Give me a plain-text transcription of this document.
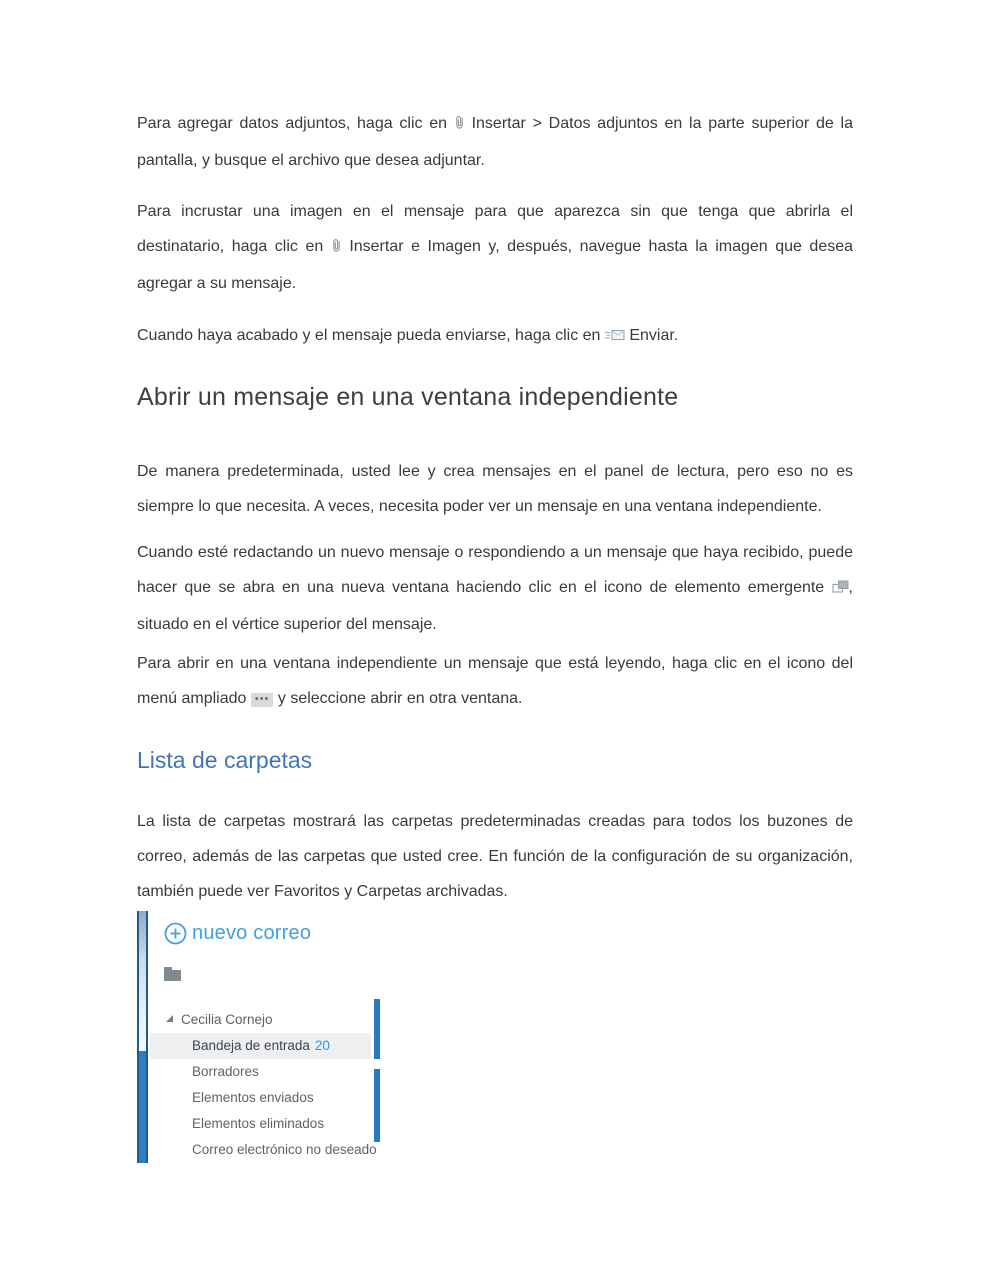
Para agregar datos adjuntos, haga clic en Insertar > Datos adjuntos en la parte superior de la pantalla, y busque el archivo que desea adjuntar.

Para incrustar una imagen en el mensaje para que aparezca sin que tenga que abrirla el destinatario, haga clic en Insertar e Imagen y, después, navegue hasta la imagen que desea agregar a su mensaje.

Cuando haya acabado y el mensaje pueda enviarse, haga clic en Enviar.

Abrir un mensaje en una ventana independiente

De manera predeterminada, usted lee y crea mensajes en el panel de lectura, pero eso no es siempre lo que necesita. A veces, necesita poder ver un mensaje en una ventana independiente.

Cuando esté redactando un nuevo mensaje o respondiendo a un mensaje que haya recibido, puede hacer que se abra en una nueva ventana haciendo clic en el icono de elemento emergente , situado en el vértice superior del mensaje.

Para abrir en una ventana independiente un mensaje que está leyendo, haga clic en el icono del menú ampliado ••• y seleccione abrir en otra ventana.

Lista de carpetas

La lista de carpetas mostrará las carpetas predeterminadas creadas para todos los buzones de correo, además de las carpetas que usted cree. En función de la configuración de su organización, también puede ver Favoritos y Carpetas archivadas.

nuevo correo
Cecilia Cornejo
Bandeja de entrada 20
Borradores
Elementos enviados
Elementos eliminados
Correo electrónico no deseado
